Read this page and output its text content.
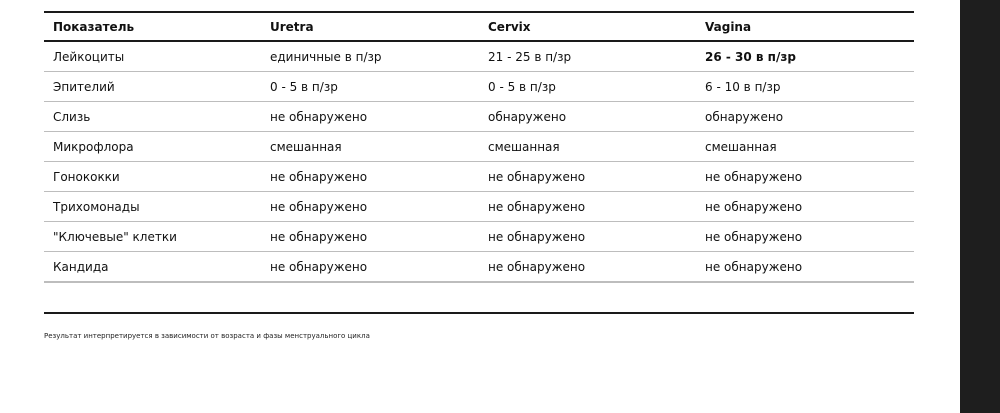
Показатель	Uretra	Cervix	Vagina
Лейкоциты	единичные в п/зр	21 - 25 в п/зр	26 - 30 в п/зр
Эпителий	0 - 5 в п/зр	0 - 5 в п/зр	6 - 10 в п/зр
Слизь	не обнаружено	обнаружено	обнаружено
Микрофлора	смешанная	смешанная	смешанная
Гонококки	не обнаружено	не обнаружено	не обнаружено
Трихомонады	не обнаружено	не обнаружено	не обнаружено
"Ключевые" клетки	не обнаружено	не обнаружено	не обнаружено
Кандида	не обнаружено	не обнаружено	не обнаружено

Результат интерпретируется в зависимости от возраста и фазы менструального цикла
